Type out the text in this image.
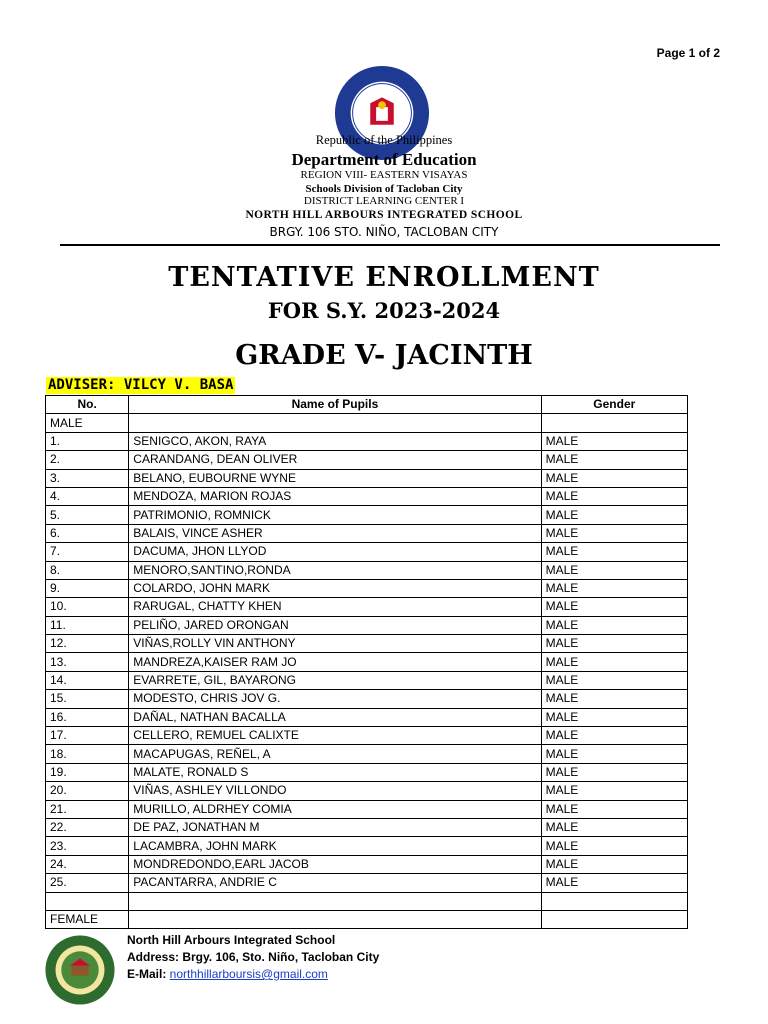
Page 1 of 2
Republic of the Philippines
Department of Education
REGION VIII- EASTERN VISAYAS
Schools Division of Tacloban City
DISTRICT LEARNING CENTER I
NORTH HILL ARBOURS INTEGRATED SCHOOL
BRGY. 106 STO. NIÑO, TACLOBAN CITY
TENTATIVE ENROLLMENT
FOR S.Y. 2023-2024
GRADE V- JACINTH
ADVISER: VILCY V. BASA
No.	Name of Pupils	Gender
MALE		
1.	SENIGCO, AKON, RAYA	MALE
2.	CARANDANG, DEAN OLIVER	MALE
3.	BELANO, EUBOURNE WYNE	MALE
4.	MENDOZA, MARION ROJAS	MALE
5.	PATRIMONIO, ROMNICK	MALE
6.	BALAIS, VINCE ASHER	MALE
7.	DACUMA, JHON LLYOD	MALE
8.	MENORO,SANTINO,RONDA	MALE
9.	COLARDO, JOHN MARK	MALE
10.	RARUGAL, CHATTY KHEN	MALE
11.	PELIÑO, JARED ORONGAN	MALE
12.	VIÑAS,ROLLY VIN ANTHONY	MALE
13.	MANDREZA,KAISER RAM JO	MALE
14.	EVARRETE, GIL, BAYARONG	MALE
15.	MODESTO, CHRIS JOV G.	MALE
16.	DAÑAL, NATHAN BACALLA	MALE
17.	CELLERO, REMUEL CALIXTE	MALE
18.	MACAPUGAS, REÑEL, A	MALE
19.	MALATE, RONALD S	MALE
20.	VIÑAS, ASHLEY VILLONDO	MALE
21.	MURILLO, ALDRHEY COMIA	MALE
22.	DE PAZ, JONATHAN M	MALE
23.	LACAMBRA, JOHN MARK	MALE
24.	MONDREDONDO,EARL JACOB	MALE
25.	PACANTARRA, ANDRIE C	MALE

FEMALE		
North Hill Arbours Integrated School
Address: Brgy. 106, Sto. Niño, Tacloban City
E-Mail: northhillarboursis@gmail.com
